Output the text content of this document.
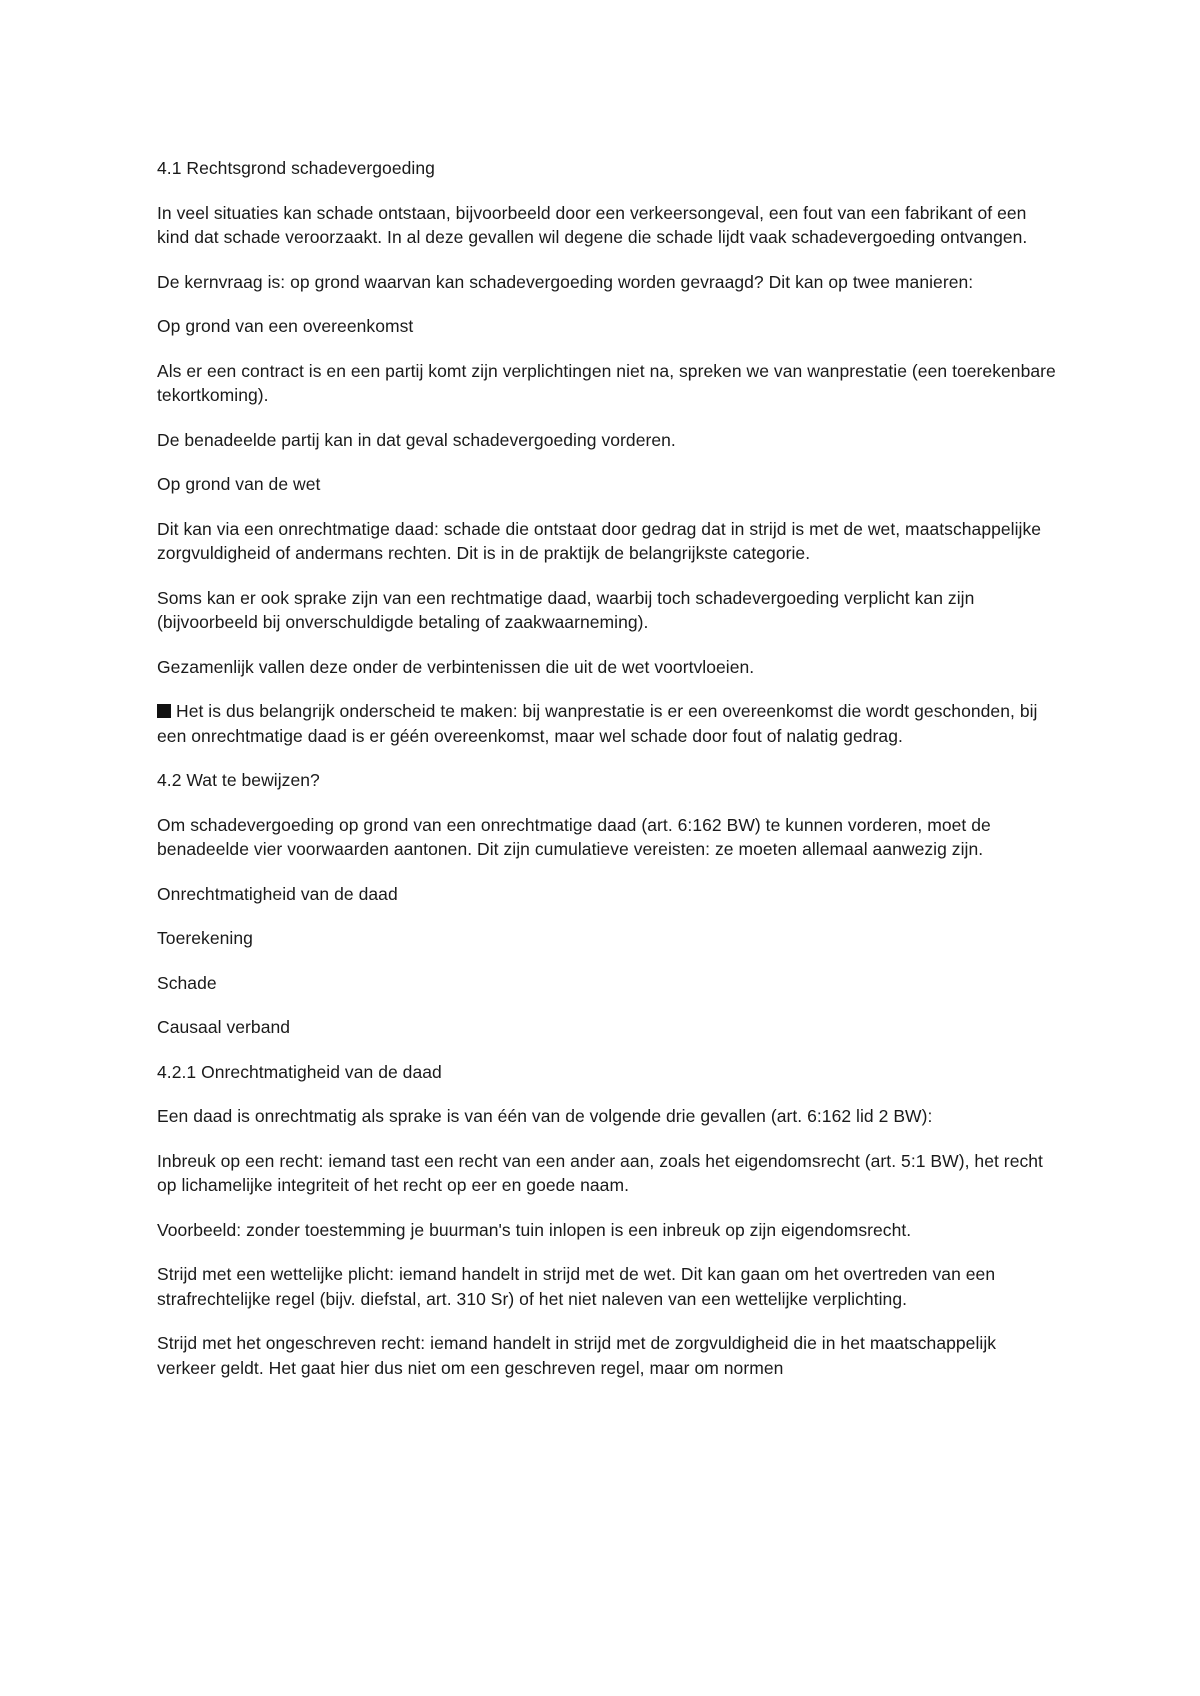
4.1 Rechtsgrond schadevergoeding

In veel situaties kan schade ontstaan, bijvoorbeeld door een verkeersongeval, een fout van een fabrikant of een kind dat schade veroorzaakt. In al deze gevallen wil degene die schade lijdt vaak schadevergoeding ontvangen.

De kernvraag is: op grond waarvan kan schadevergoeding worden gevraagd? Dit kan op twee manieren:

Op grond van een overeenkomst

Als er een contract is en een partij komt zijn verplichtingen niet na, spreken we van wanprestatie (een toerekenbare tekortkoming).

De benadeelde partij kan in dat geval schadevergoeding vorderen.

Op grond van de wet

Dit kan via een onrechtmatige daad: schade die ontstaat door gedrag dat in strijd is met de wet, maatschappelijke zorgvuldigheid of andermans rechten. Dit is in de praktijk de belangrijkste categorie.

Soms kan er ook sprake zijn van een rechtmatige daad, waarbij toch schadevergoeding verplicht kan zijn (bijvoorbeeld bij onverschuldigde betaling of zaakwaarneming).

Gezamenlijk vallen deze onder de verbintenissen die uit de wet voortvloeien.

Het is dus belangrijk onderscheid te maken: bij wanprestatie is er een overeenkomst die wordt geschonden, bij een onrechtmatige daad is er géén overeenkomst, maar wel schade door fout of nalatig gedrag.

4.2 Wat te bewijzen?

Om schadevergoeding op grond van een onrechtmatige daad (art. 6:162 BW) te kunnen vorderen, moet de benadeelde vier voorwaarden aantonen. Dit zijn cumulatieve vereisten: ze moeten allemaal aanwezig zijn.

Onrechtmatigheid van de daad

Toerekening

Schade

Causaal verband

4.2.1 Onrechtmatigheid van de daad

Een daad is onrechtmatig als sprake is van één van de volgende drie gevallen (art. 6:162 lid 2 BW):

Inbreuk op een recht: iemand tast een recht van een ander aan, zoals het eigendomsrecht (art. 5:1 BW), het recht op lichamelijke integriteit of het recht op eer en goede naam.

Voorbeeld: zonder toestemming je buurman's tuin inlopen is een inbreuk op zijn eigendomsrecht.

Strijd met een wettelijke plicht: iemand handelt in strijd met de wet. Dit kan gaan om het overtreden van een strafrechtelijke regel (bijv. diefstal, art. 310 Sr) of het niet naleven van een wettelijke verplichting.

Strijd met het ongeschreven recht: iemand handelt in strijd met de zorgvuldigheid die in het maatschappelijk verkeer geldt. Het gaat hier dus niet om een geschreven regel, maar om normen
